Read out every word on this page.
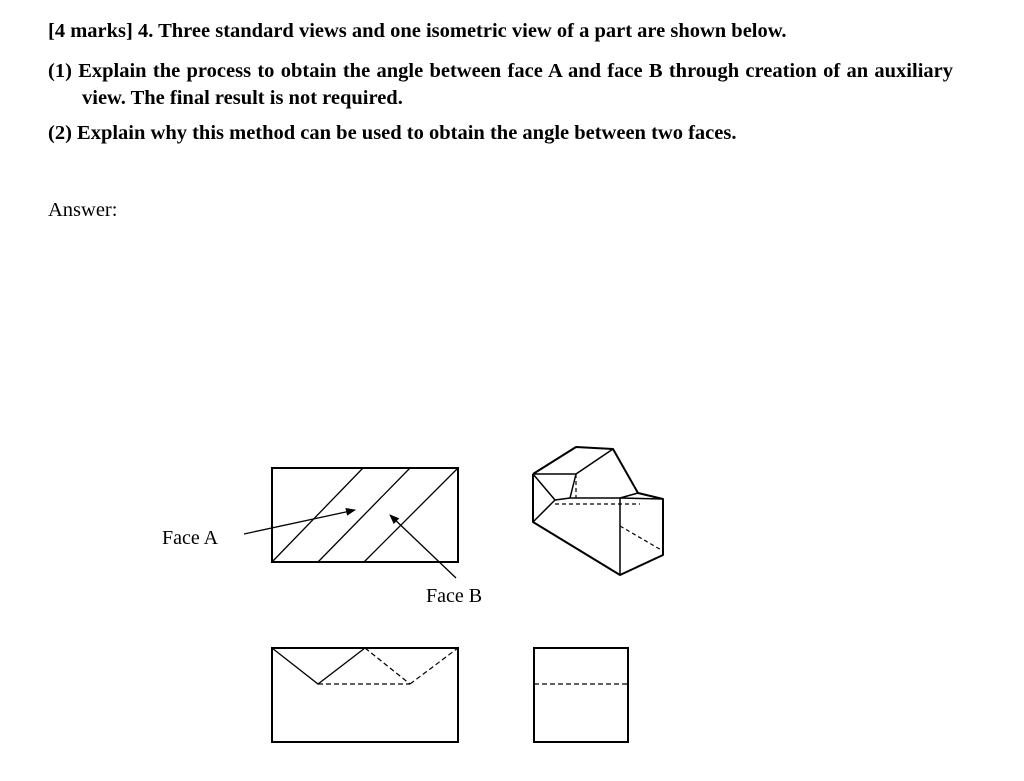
[4 marks] 4. Three standard views and one isometric view of a part are shown below.
(1) Explain the process to obtain the angle between face A and face B through creation of an auxiliary view. The final result is not required.
(2) Explain why this method can be used to obtain the angle between two faces.
Answer:
Face A
Face B
